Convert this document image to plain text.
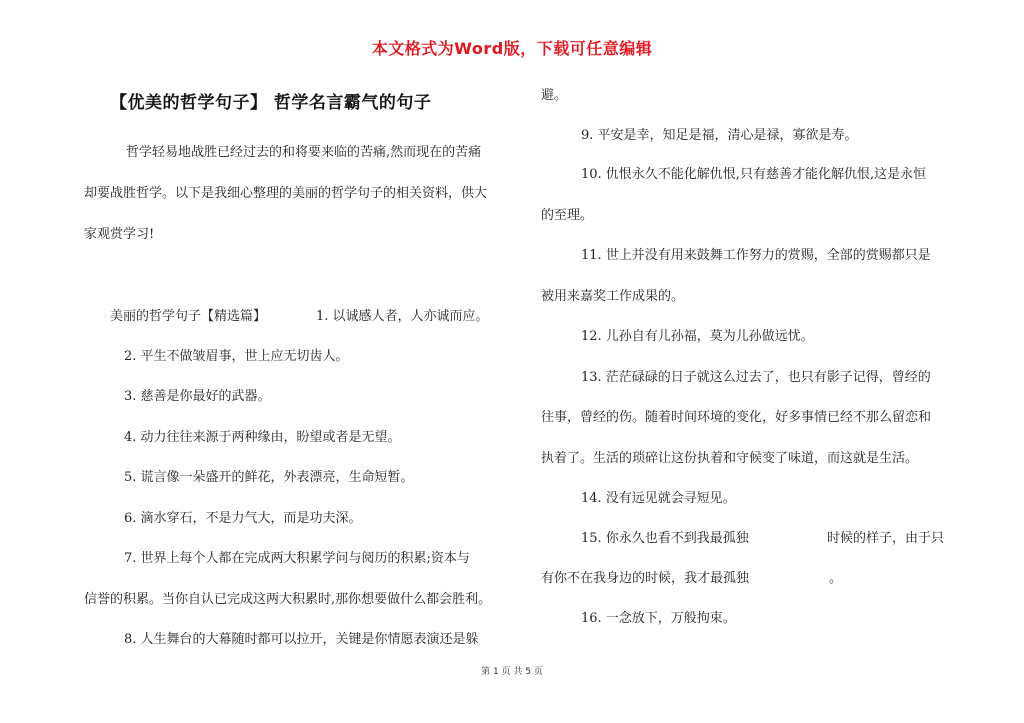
本文格式为Word版，下载可任意编辑
【优美的哲学句子】 哲学名言霸气的句子
哲学轻易地战胜已经过去的和将要来临的苦痛,然而现在的苦痛
却要战胜哲学。以下是我细心整理的美丽的哲学句子的相关资料，供大
家观赏学习!
美丽的哲学句子【精选篇】	1. 以诚感人者，人亦诚而应。
2. 平生不做皱眉事，世上应无切齿人。
3. 慈善是你最好的武器。
4. 动力往往来源于两种缘由，盼望或者是无望。
5. 谎言像一朵盛开的鲜花，外表漂亮，生命短暂。
6. 滴水穿石，不是力气大，而是功夫深。
7. 世界上每个人都在完成两大积累学问与阅历的积累;资本与
信誉的积累。当你自认已完成这两大积累时,那你想要做什么都会胜利。
8. 人生舞台的大幕随时都可以拉开，关键是你情愿表演还是躲
避。
9. 平安是幸，知足是福，清心是禄，寡欲是寿。
10. 仇恨永久不能化解仇恨,只有慈善才能化解仇恨,这是永恒
的至理。
11. 世上并没有用来鼓舞工作努力的赏赐，全部的赏赐都只是
被用来嘉奖工作成果的。
12. 儿孙自有儿孙福，莫为儿孙做远忧。
13. 茫茫碌碌的日子就这么过去了，也只有影子记得，曾经的
往事，曾经的伤。随着时间环境的变化，好多事情已经不那么留恋和
执着了。生活的琐碎让这份执着和守候变了味道，而这就是生活。
14. 没有远见就会寻短见。
15. 你永久也看不到我最孤独	时候的样子，由于只
有你不在我身边的时候，我才最孤独	。
16. 一念放下，万般拘束。
第 1 页 共 5 页
